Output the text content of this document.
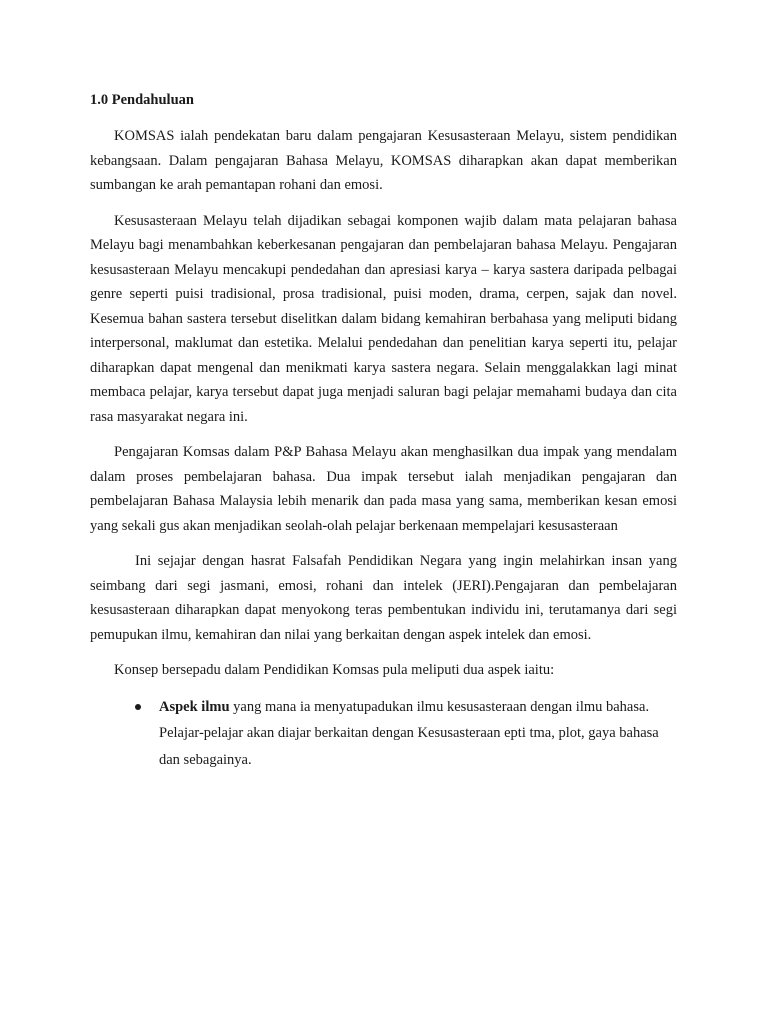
1.0 Pendahuluan

KOMSAS ialah pendekatan baru dalam pengajaran Kesusasteraan Melayu, sistem pendidikan kebangsaan. Dalam pengajaran Bahasa Melayu, KOMSAS diharapkan akan dapat memberikan sumbangan ke arah pemantapan rohani dan emosi.

Kesusasteraan Melayu telah dijadikan sebagai komponen wajib dalam mata pelajaran bahasa Melayu bagi menambahkan keberkesanan pengajaran dan pembelajaran bahasa Melayu. Pengajaran kesusasteraan Melayu mencakupi pendedahan dan apresiasi karya – karya sastera daripada pelbagai genre seperti puisi tradisional, prosa tradisional, puisi moden, drama, cerpen, sajak dan novel. Kesemua bahan sastera tersebut diselitkan dalam bidang kemahiran berbahasa yang meliputi bidang interpersonal, maklumat dan estetika. Melalui pendedahan dan penelitian karya seperti itu, pelajar diharapkan dapat mengenal dan menikmati karya sastera negara. Selain menggalakkan lagi minat membaca pelajar, karya tersebut dapat juga menjadi saluran bagi pelajar memahami budaya dan cita rasa masyarakat negara ini.

Pengajaran Komsas dalam P&P Bahasa Melayu akan menghasilkan dua impak yang mendalam dalam proses pembelajaran bahasa. Dua impak tersebut ialah menjadikan pengajaran dan pembelajaran Bahasa Malaysia lebih menarik dan pada masa yang sama, memberikan kesan emosi yang sekali gus akan menjadikan seolah-olah pelajar berkenaan mempelajari kesusasteraan

Ini sejajar dengan hasrat Falsafah Pendidikan Negara yang ingin melahirkan insan yang seimbang dari segi jasmani, emosi, rohani dan intelek (JERI).Pengajaran dan pembelajaran kesusasteraan diharapkan dapat menyokong teras pembentukan individu ini, terutamanya dari segi pemupukan ilmu, kemahiran dan nilai yang berkaitan dengan aspek intelek dan emosi.

Konsep bersepadu dalam Pendidikan Komsas pula meliputi dua aspek iaitu:

Aspek ilmu yang mana ia menyatupadukan ilmu kesusasteraan dengan ilmu bahasa. Pelajar-pelajar akan diajar berkaitan dengan Kesusasteraan epti tma, plot, gaya bahasa dan sebagainya.
